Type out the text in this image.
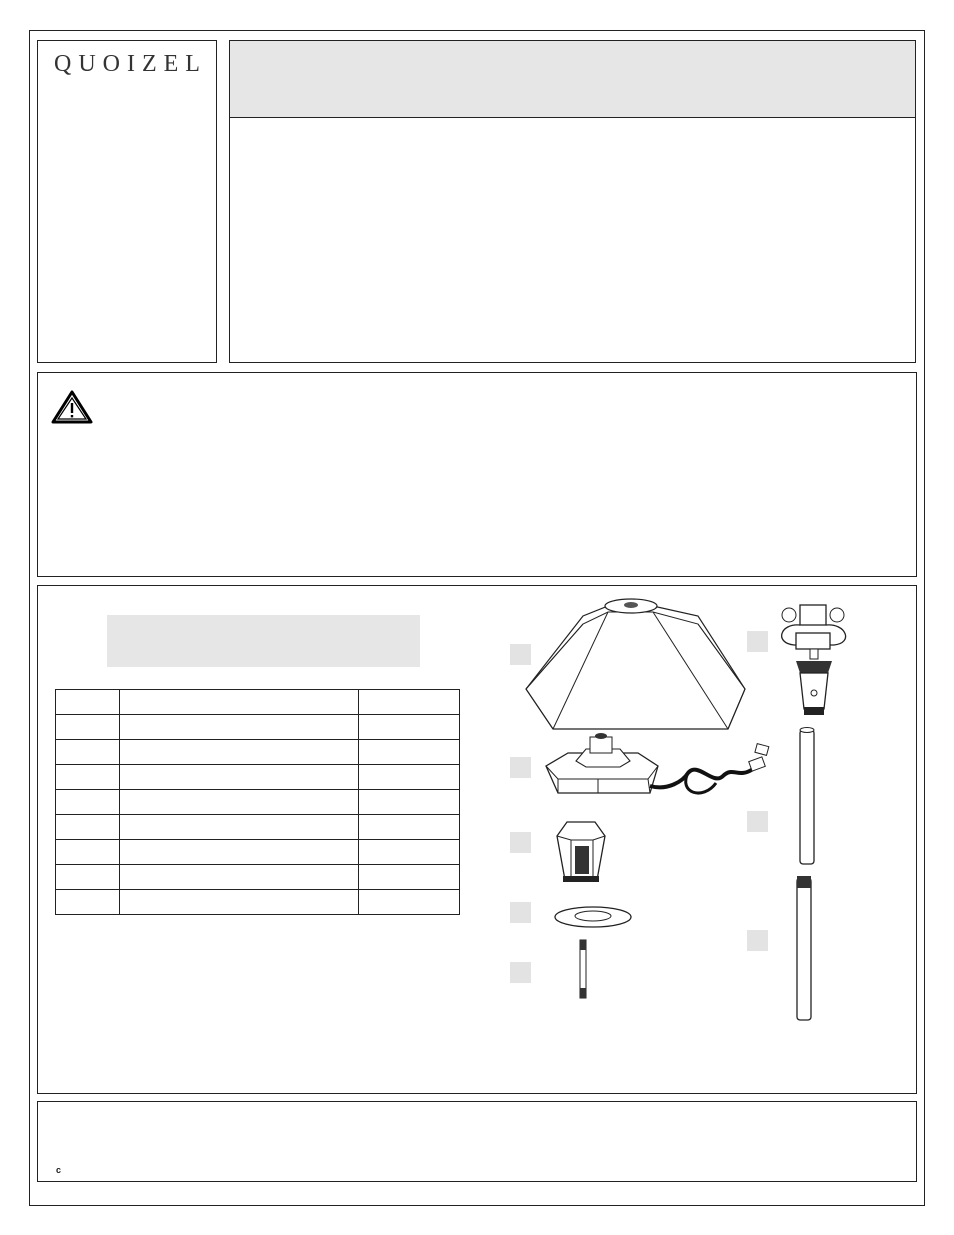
QUOIZEL

c
